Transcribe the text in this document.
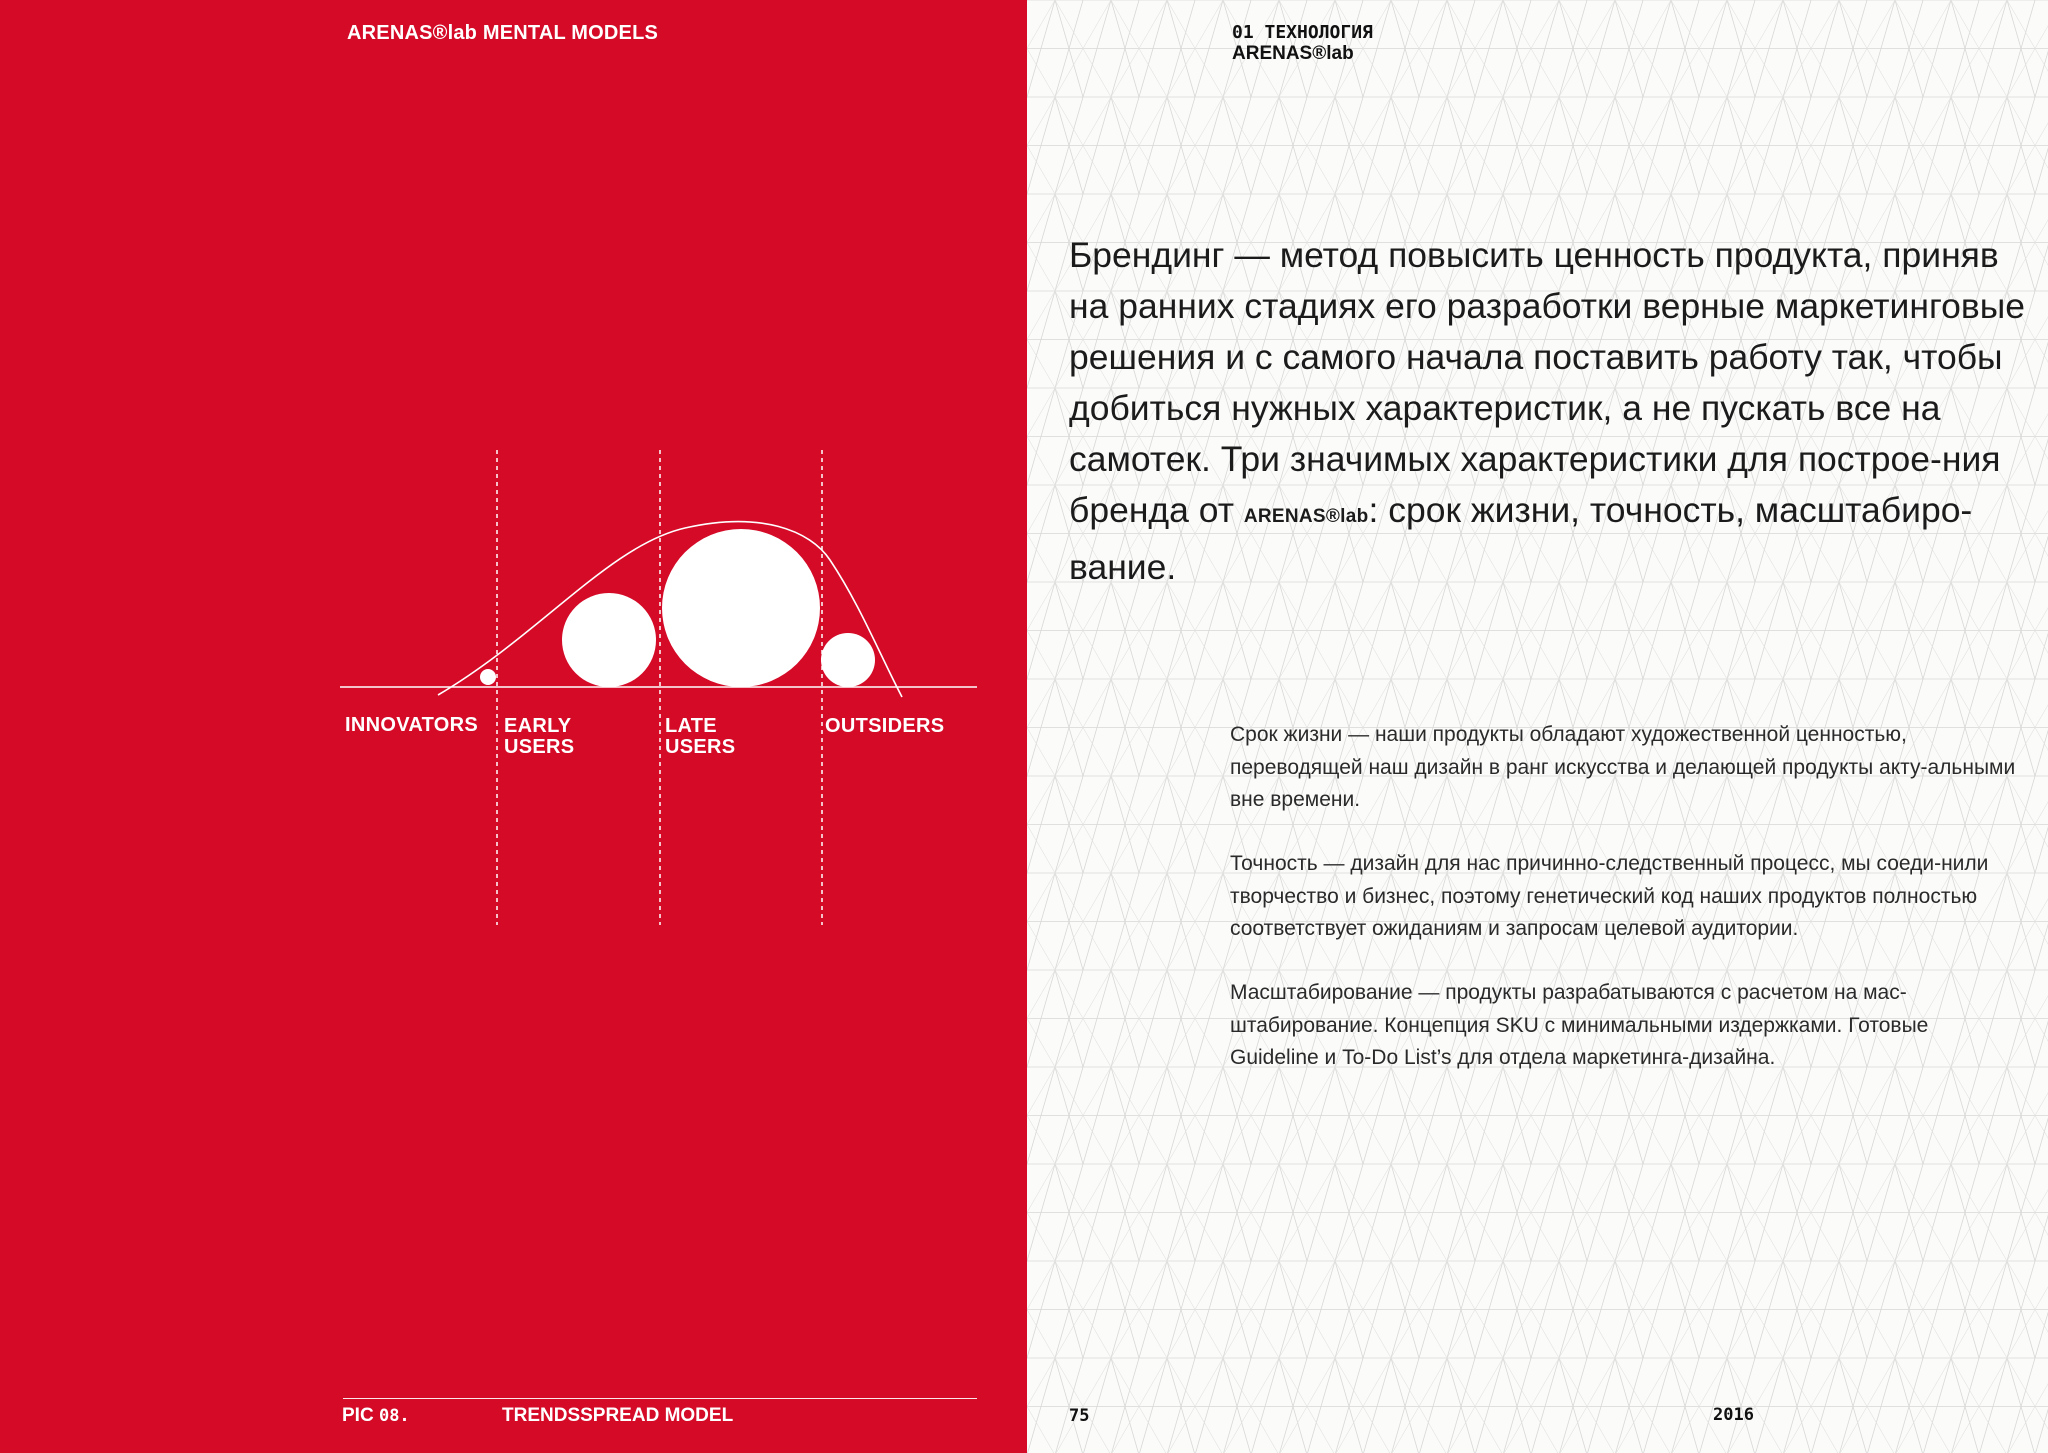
ARENAS®lab MENTAL MODELS
INNOVATORS EARLY
USERS
LATE
USERS
OUTSIDERS
PIC 08.	TRENDSSPREAD MODEL
01 ТЕХНОЛОГИЯ
ARENAS®lab
Брендинг — метод повысить ценность продукта, приняв на ранних стадиях его разработки верные маркетинговые решения и с самого начала поставить работу так, чтобы добиться нужных характеристик, а не пускать все на самотек. Три значимых характеристики для построе-ния бренда от ARENAS®lab: срок жизни, точность, масштабиро-вание.
Срок жизни — наши продукты обладают художественной ценностью, переводящей наш дизайн в ранг искусства и делающей продукты акту-альными вне времени.
Точность — дизайн для нас причинно-следственный процесс, мы соеди-нили творчество и бизнес, поэтому генетический код наших продуктов полностью соответствует ожиданиям и запросам целевой аудитории.
Масштабирование — продукты разрабатываются с расчетом на мас-штабирование. Концепция SKU с минимальными издержками. Готовые Guideline и To-Do List’s для отдела маркетинга-дизайна.
75	2016
